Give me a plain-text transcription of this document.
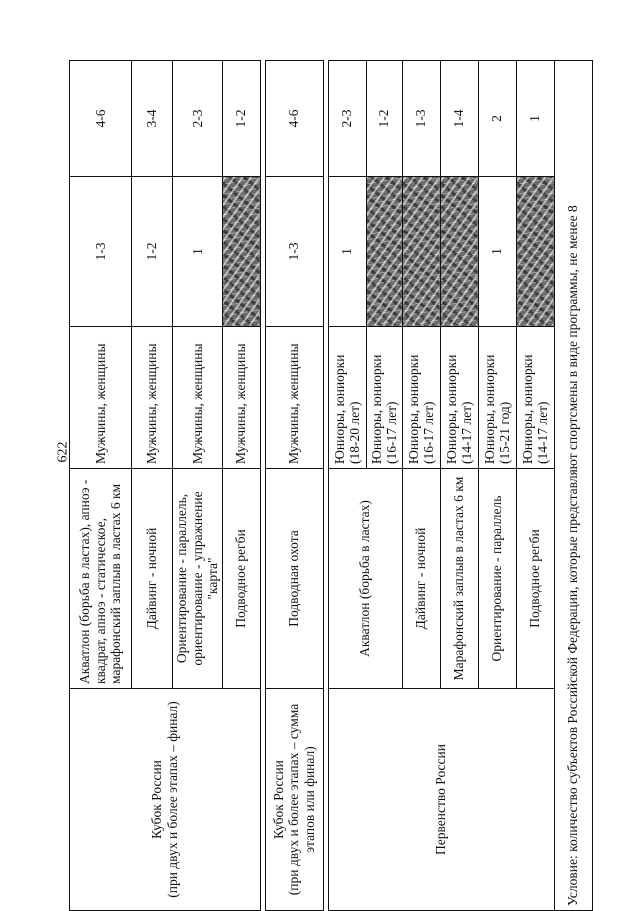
622
Кубок России (при двух и более этапах – финал)	Акватлон (борьба в ластах), апноэ - квадрат, апноэ - статическое, марафонский заплыв в ластах 6 км	Мужчины, женщины	1-3	4-6
	Дайвинг - ночной	Мужчины, женщины	1-2	3-4
	Ориентирование - параллель, ориентирование - упражнение "карта"	Мужчины, женщины	1	2-3
	Подводное регби	Мужчины, женщины		1-2

Кубок России (при двух и более этапах – сумма этапов или финал)	Подводная охота	Мужчины, женщины	1-3	4-6

Первенство России	Акватлон (борьба в ластах)	Юниоры, юниорки (18-20 лет)	1	2-3
		Юниоры, юниорки (16-17 лет)		1-2
	Дайвинг - ночной	Юниоры, юниорки (16-17 лет)		1-3
	Марафонский заплыв в ластах 6 км	Юниоры, юниорки (14-17 лет)		1-4
	Ориентирование - параллель	Юниоры, юниорки (15-21 год)	1	2
	Подводное регби	Юниоры, юниорки (14-17 лет)		1
Условие: количество субъектов Российской Федерации, которые представляют спортсмены в виде программы, не менее 8				
